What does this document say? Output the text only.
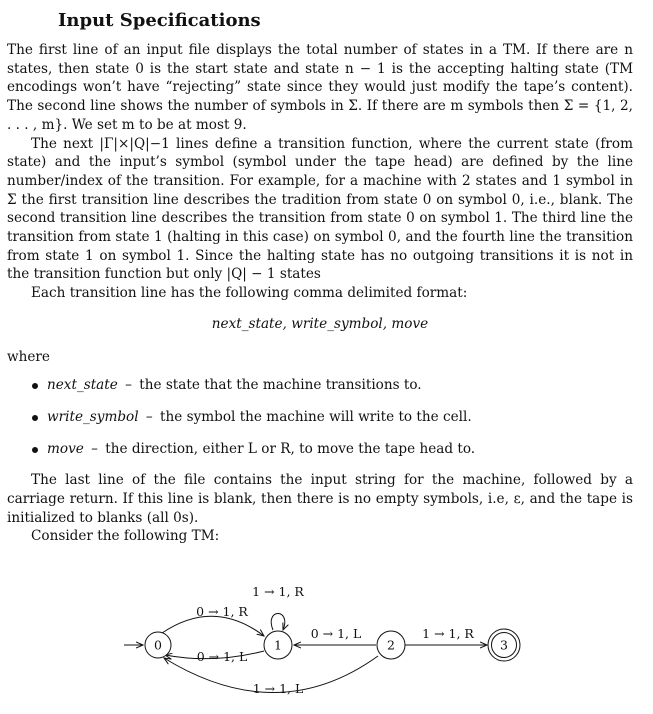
Input Specifications

The first line of an input file displays the total number of states in a TM. If there are n states, then state 0 is the start state and state n − 1 is the accepting halting state (TM encodings won’t have “rejecting” state since they would just modify the tape’s content). The second line shows the number of symbols in Σ. If there are m symbols then Σ = {1, 2, . . . , m}. We set m to be at most 9.

The next |Γ|×|Q|−1 lines define a transition function, where the current state (from state) and the input’s symbol (symbol under the tape head) are defined by the line number/index of the transition. For example, for a machine with 2 states and 1 symbol in Σ the first transition line describes the tradition from state 0 on symbol 0, i.e., blank. The second transition line describes the transition from state 0 on symbol 1. The third line the transition from state 1 (halting in this case) on symbol 0, and the fourth line the transition from state 1 on symbol 1. Since the halting state has no outgoing transitions it is not in the transition function but only |Q| − 1 states

Each transition line has the following comma delimited format:

next_state, write_symbol, move

where

next_state – the state that the machine transitions to.
write_symbol – the symbol the machine will write to the cell.
move – the direction, either L or R, to move the tape head to.

The last line of the file contains the input string for the machine, followed by a carriage return. If this line is blank, then there is no empty symbols, i.e, ε, and the tape is initialized to blanks (all 0s).

Consider the following TM:

0	1	2	3
1 → 1, R
0 → 1, R
0 → 1, L
0 → 1, L	1 → 1, R
1 → 1, L
